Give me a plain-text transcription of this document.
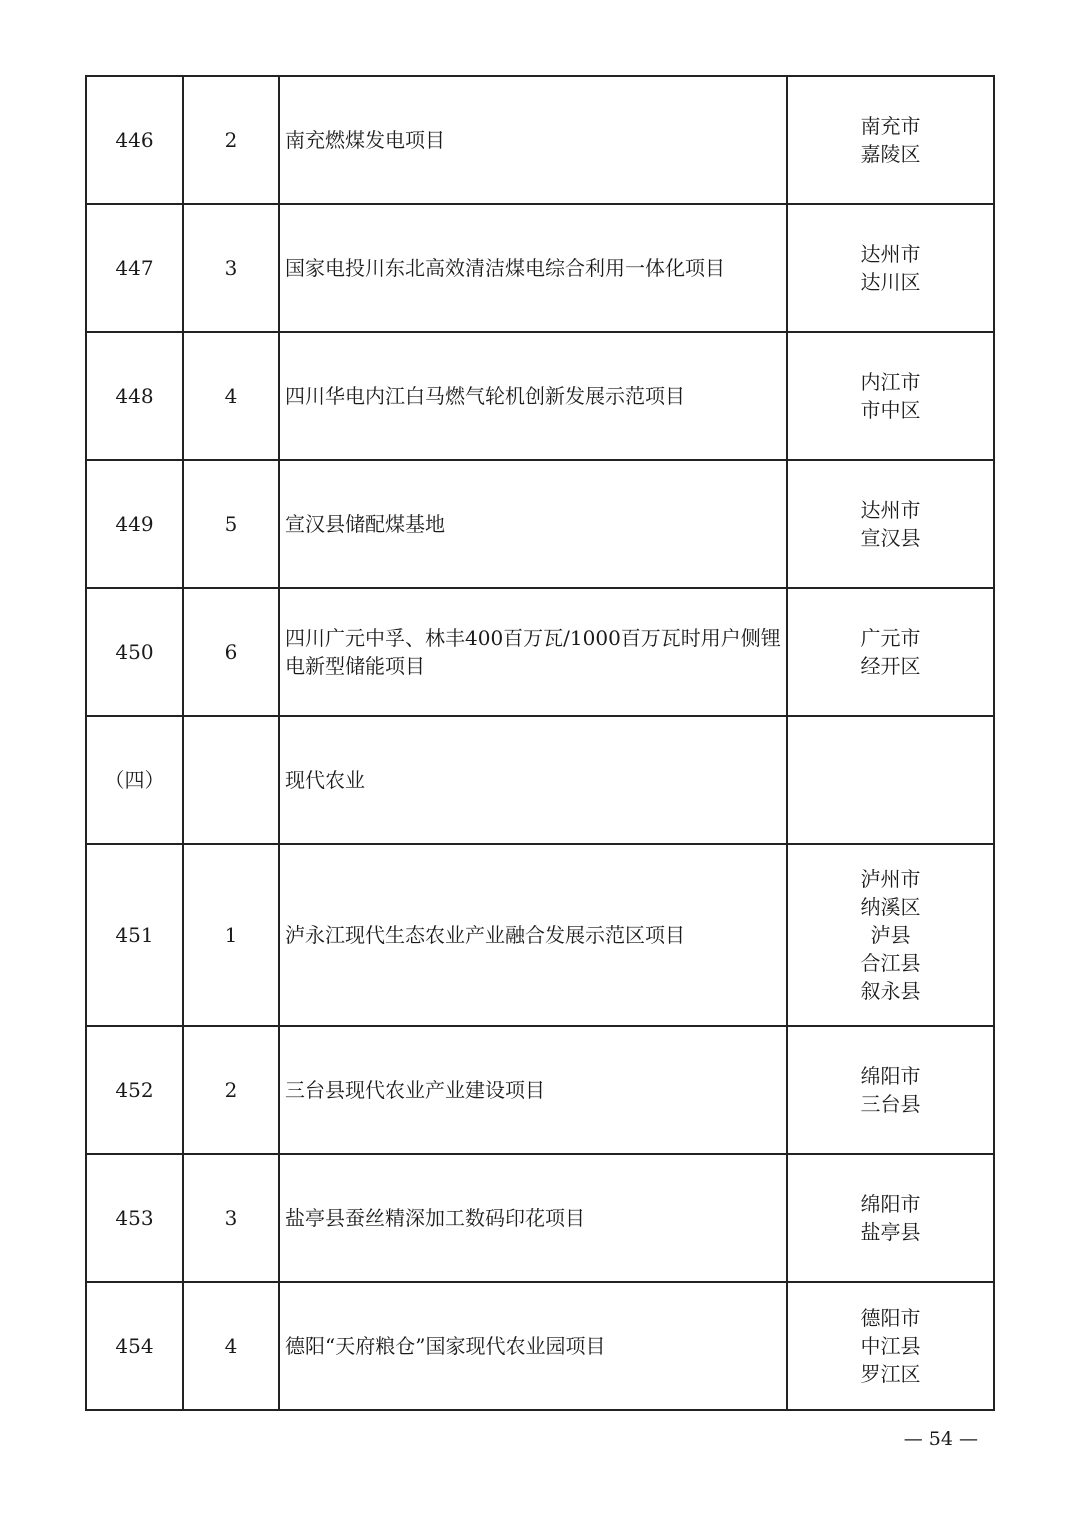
446	2	南充燃煤发电项目	南充市
嘉陵区

447	3	国家电投川东北高效清洁煤电综合利用一体化项目	达州市
达川区

448	4	四川华电内江白马燃气轮机创新发展示范项目	内江市
市中区

449	5	宣汉县储配煤基地	达州市
宣汉县

450	6	四川广元中孚、林丰400百万瓦/1000百万瓦时用户侧锂电新型储能项目	广元市
经开区

（四）		现代农业	
451	1	泸永江现代生态农业产业融合发展示范区项目	泸州市
纳溪区
泸县
合江县
叙永县

452	2	三台县现代农业产业建设项目	绵阳市
三台县

453	3	盐亭县蚕丝精深加工数码印花项目	绵阳市
盐亭县

454	4	德阳“天府粮仓”国家现代农业园项目	德阳市
中江县
罗江区
— 54 —
